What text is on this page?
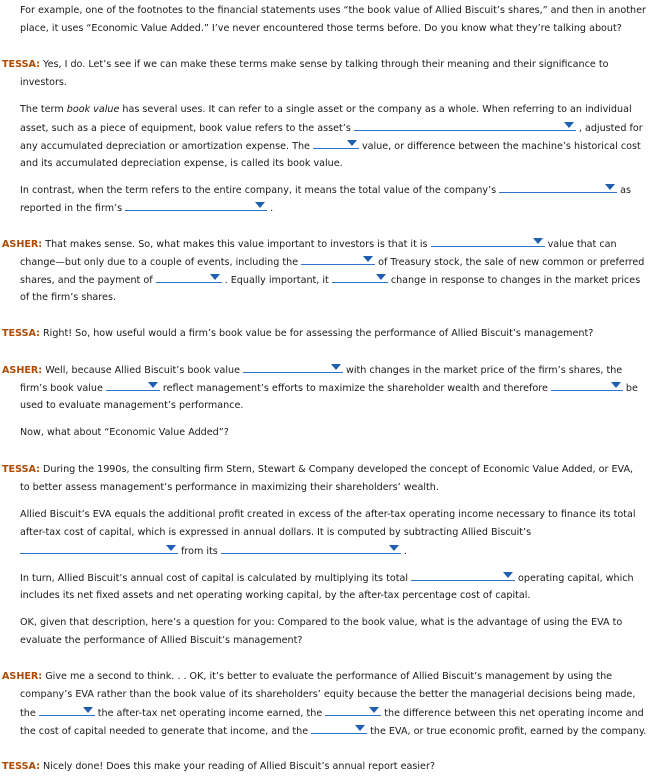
For example, one of the footnotes to the financial statements uses “the book value of Allied Biscuit’s shares,” and then in another
place, it uses “Economic Value Added.” I’ve never encountered those terms before. Do you know what they’re talking about?
TESSA: Yes, I do. Let’s see if we can make these terms make sense by talking through their meaning and their significance to
investors.
The term book value has several uses. It can refer to a single asset or the company as a whole. When referring to an individual
asset, such as a piece of equipment, book value refers to the asset’s	, adjusted for
any accumulated depreciation or amortization expense. The	value, or difference between the machine’s historical cost
and its accumulated depreciation expense, is called its book value.
In contrast, when the term refers to the entire company, it means the total value of the company’s	as
reported in the firm’s	.
ASHER: That makes sense. So, what makes this value important to investors is that it is	value that can
change—but only due to a couple of events, including the	of Treasury stock, the sale of new common or preferred
shares, and the payment of	. Equally important, it	change in response to changes in the market prices
of the firm’s shares.
TESSA: Right! So, how useful would a firm’s book value be for assessing the performance of Allied Biscuit’s management?
ASHER: Well, because Allied Biscuit’s book value	with changes in the market price of the firm’s shares, the
firm’s book value	reflect management’s efforts to maximize the shareholder wealth and therefore	be
used to evaluate management’s performance.
Now, what about “Economic Value Added”?
TESSA: During the 1990s, the consulting firm Stern, Stewart & Company developed the concept of Economic Value Added, or EVA,
to better assess management’s performance in maximizing their shareholders’ wealth.
Allied Biscuit’s EVA equals the additional profit created in excess of the after-tax operating income necessary to finance its total
after-tax cost of capital, which is expressed in annual dollars. It is computed by subtracting Allied Biscuit’s
from its	.
In turn, Allied Biscuit’s annual cost of capital is calculated by multiplying its total	operating capital, which
includes its net fixed assets and net operating working capital, by the after-tax percentage cost of capital.
OK, given that description, here’s a question for you: Compared to the book value, what is the advantage of using the EVA to
evaluate the performance of Allied Biscuit’s management?
ASHER: Give me a second to think. . . OK, it’s better to evaluate the performance of Allied Biscuit’s management by using the
company’s EVA rather than the book value of its shareholders’ equity because the better the managerial decisions being made,
the	the after-tax net operating income earned, the	the difference between this net operating income and
the cost of capital needed to generate that income, and the	the EVA, or true economic profit, earned by the company.
TESSA: Nicely done! Does this make your reading of Allied Biscuit’s annual report easier?
